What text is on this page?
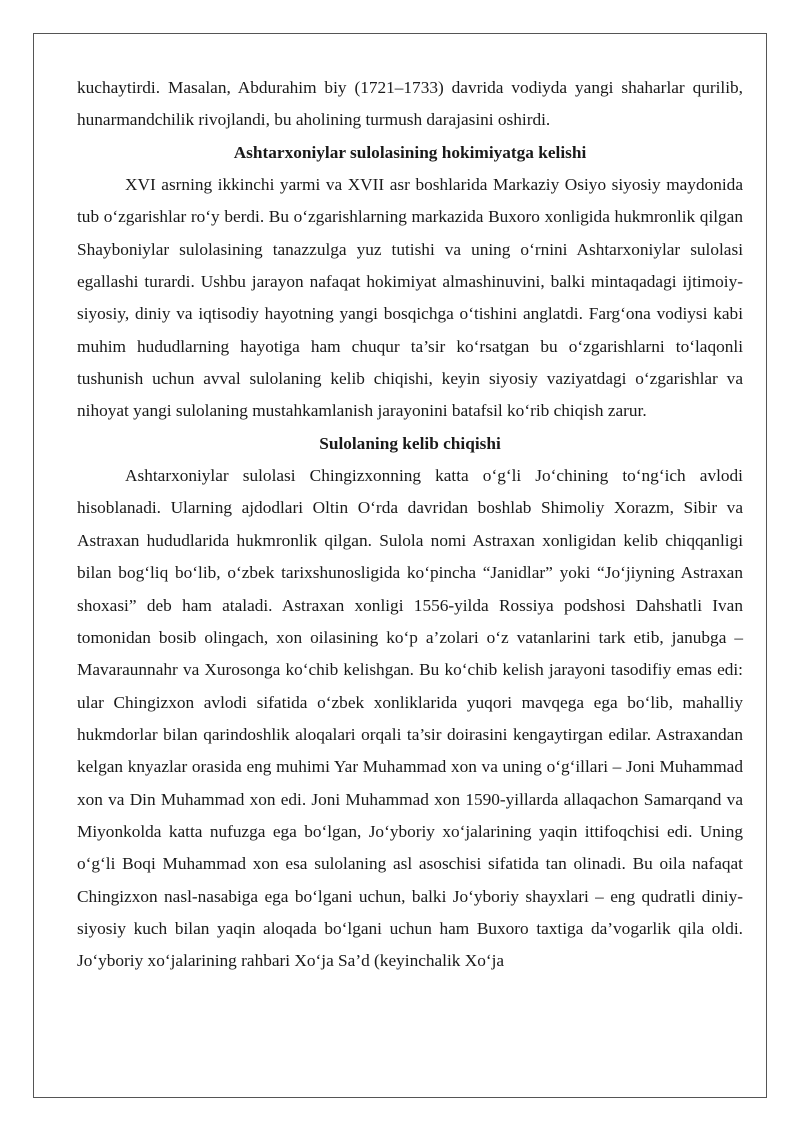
kuchaytirdi. Masalan, Abdurahim biy (1721–1733) davrida vodiyda yangi shaharlar qurilib, hunarmandchilik rivojlandi, bu aholining turmush darajasini oshirdi.

Ashtarxoniylar sulolasining hokimiyatga kelishi

XVI asrning ikkinchi yarmi va XVII asr boshlarida Markaziy Osiyo siyosiy maydonida tub o‘zgarishlar ro‘y berdi. Bu o‘zgarishlarning markazida Buxoro xonligida hukmronlik qilgan Shayboniylar sulolasining tanazzulga yuz tutishi va uning o‘rnini Ashtarxoniylar sulolasi egallashi turardi. Ushbu jarayon nafaqat hokimiyat almashinuvini, balki mintaqadagi ijtimoiy-siyosiy, diniy va iqtisodiy hayotning yangi bosqichga o‘tishini anglatdi. Farg‘ona vodiysi kabi muhim hududlarning hayotiga ham chuqur ta’sir ko‘rsatgan bu o‘zgarishlarni to‘laqonli tushunish uchun avval sulolaning kelib chiqishi, keyin siyosiy vaziyatdagi o‘zgarishlar va nihoyat yangi sulolaning mustahkamlanish jarayonini batafsil ko‘rib chiqish zarur.

Sulolaning kelib chiqishi

Ashtarxoniylar sulolasi Chingizxonning katta o‘g‘li Jo‘chining to‘ng‘ich avlodi hisoblanadi. Ularning ajdodlari Oltin O‘rda davridan boshlab Shimoliy Xorazm, Sibir va Astraxan hududlarida hukmronlik qilgan. Sulola nomi Astraxan xonligidan kelib chiqqanligi bilan bog‘liq bo‘lib, o‘zbek tarixshunosligida ko‘pincha “Janidlar” yoki “Jo‘jiyning Astraxan shoxasi” deb ham ataladi. Astraxan xonligi 1556-yilda Rossiya podshosi Dahshatli Ivan tomonidan bosib olingach, xon oilasining ko‘p a’zolari o‘z vatanlarini tark etib, janubga – Mavaraunnahr va Xurosonga ko‘chib kelishgan. Bu ko‘chib kelish jarayoni tasodifiy emas edi: ular Chingizxon avlodi sifatida o‘zbek xonliklarida yuqori mavqega ega bo‘lib, mahalliy hukmdorlar bilan qarindoshlik aloqalari orqali ta’sir doirasini kengaytirgan edilar. Astraxandan kelgan knyazlar orasida eng muhimi Yar Muhammad xon va uning o‘g‘illari – Joni Muhammad xon va Din Muhammad xon edi. Joni Muhammad xon 1590-yillarda allaqachon Samarqand va Miyonkolda katta nufuzga ega bo‘lgan, Jo‘yboriy xo‘jalarining yaqin ittifoqchisi edi. Uning o‘g‘li Boqi Muhammad xon esa sulolaning asl asoschisi sifatida tan olinadi. Bu oila nafaqat Chingizxon nasl-nasabiga ega bo‘lgani uchun, balki Jo‘yboriy shayxlari – eng qudratli diniy-siyosiy kuch bilan yaqin aloqada bo‘lgani uchun ham Buxoro taxtiga da’vogarlik qila oldi. Jo‘yboriy xo‘jalarining rahbari Xo‘ja Sa’d (keyinchalik Xo‘ja
